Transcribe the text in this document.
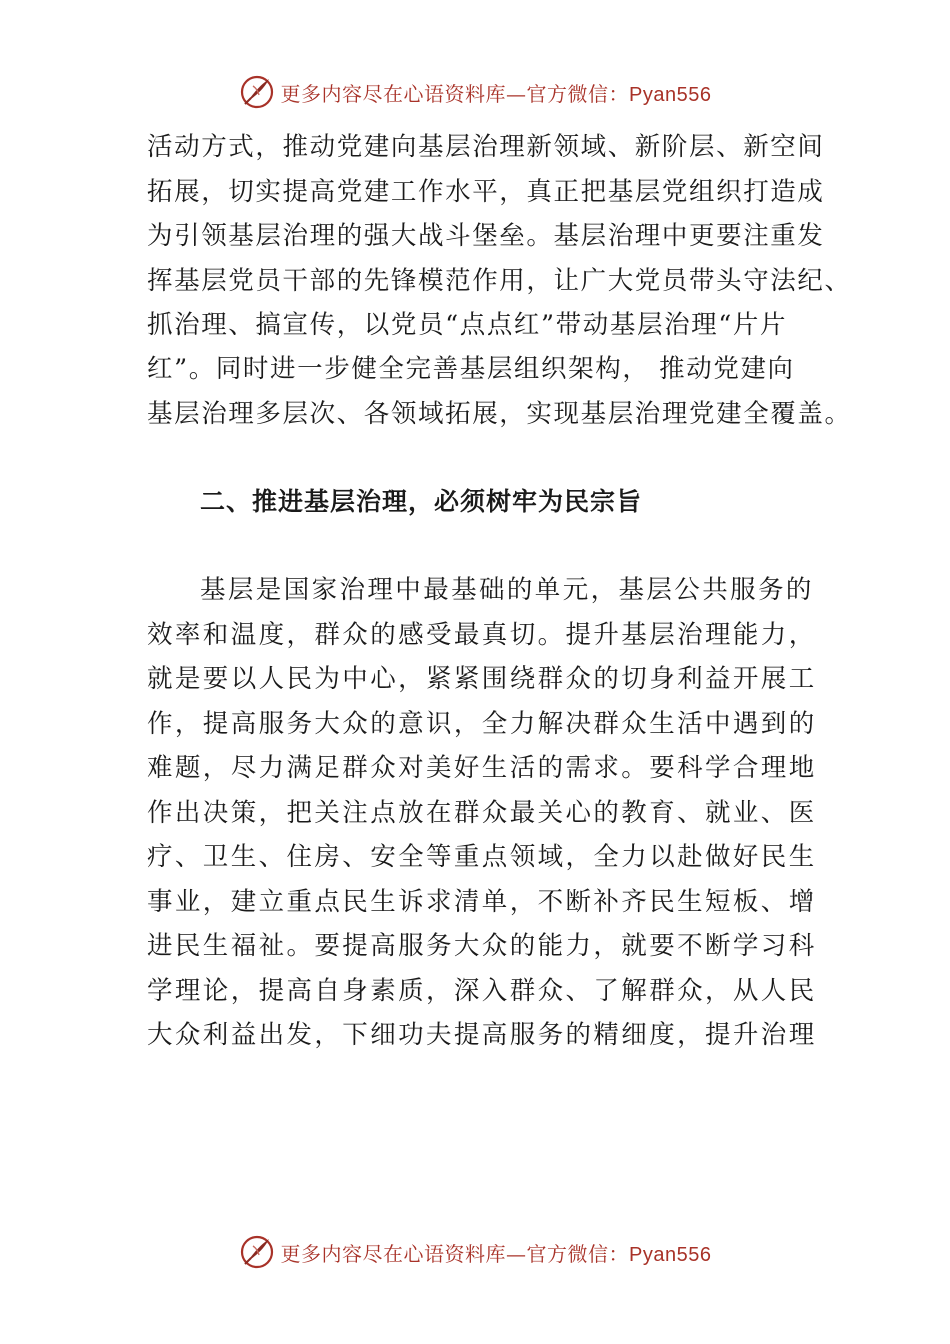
更多内容尽在心语资料库—官方微信：Pyan556
活动方式，推动党建向基层治理新领域、新阶层、新空间
拓展，切实提高党建工作水平，真正把基层党组织打造成
为引领基层治理的强大战斗堡垒。基层治理中更要注重发
挥基层党员干部的先锋模范作用，让广大党员带头守法纪、
抓治理、搞宣传，以党员“点点红”带动基层治理“片片
红”。同时进一步健全完善基层组织架构， 推动党建向
基层治理多层次、各领域拓展，实现基层治理党建全覆盖。
二、推进基层治理，必须树牢为民宗旨
基层是国家治理中最基础的单元，基层公共服务的
效率和温度，群众的感受最真切。提升基层治理能力，
就是要以人民为中心，紧紧围绕群众的切身利益开展工
作，提高服务大众的意识，全力解决群众生活中遇到的
难题，尽力满足群众对美好生活的需求。要科学合理地
作出决策，把关注点放在群众最关心的教育、就业、医
疗、卫生、住房、安全等重点领域，全力以赴做好民生
事业，建立重点民生诉求清单，不断补齐民生短板、增
进民生福祉。要提高服务大众的能力，就要不断学习科
学理论，提高自身素质，深入群众、了解群众，从人民
大众利益出发，下细功夫提高服务的精细度，提升治理
更多内容尽在心语资料库—官方微信：Pyan556
